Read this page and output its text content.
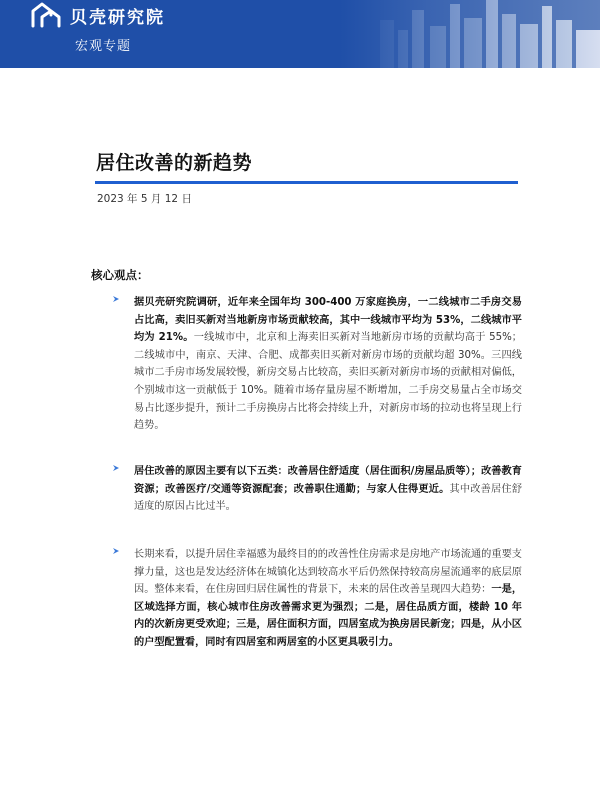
贝壳研究院
宏观专题
居住改善的新趋势
2023 年 5 月 12 日
核心观点：

据贝壳研究院调研，近年来全国年均 300-400 万家庭换房，一二线城市二手房交易占比高，卖旧买新对当地新房市场贡献较高，其中一线城市平均为 53%，二线城市平均为 21%。一线城市中，北京和上海卖旧买新对当地新房市场的贡献均高于 55%；二线城市中，南京、天津、合肥、成都卖旧买新对新房市场的贡献均超 30%。三四线城市二手房市场发展较慢，新房交易占比较高，卖旧买新对新房市场的贡献相对偏低，个别城市这一贡献低于 10%。随着市场存量房屋不断增加，二手房交易量占全市场交易占比逐步提升，预计二手房换房占比将会持续上升，对新房市场的拉动也将呈现上行趋势。

居住改善的原因主要有以下五类：改善居住舒适度（居住面积/房屋品质等）；改善教育资源；改善医疗/交通等资源配套；改善职住通勤；与家人住得更近。其中改善居住舒适度的原因占比过半。

长期来看，以提升居住幸福感为最终目的的改善性住房需求是房地产市场流通的重要支撑力量，这也是发达经济体在城镇化达到较高水平后仍然保持较高房屋流通率的底层原因。整体来看，在住房回归居住属性的背景下，未来的居住改善呈现四大趋势：一是，区域选择方面，核心城市住房改善需求更为强烈；二是，居住品质方面，楼龄 10 年内的次新房更受欢迎；三是，居住面积方面，四居室成为换房居民新宠；四是，从小区的户型配置看，同时有四居室和两居室的小区更具吸引力。
